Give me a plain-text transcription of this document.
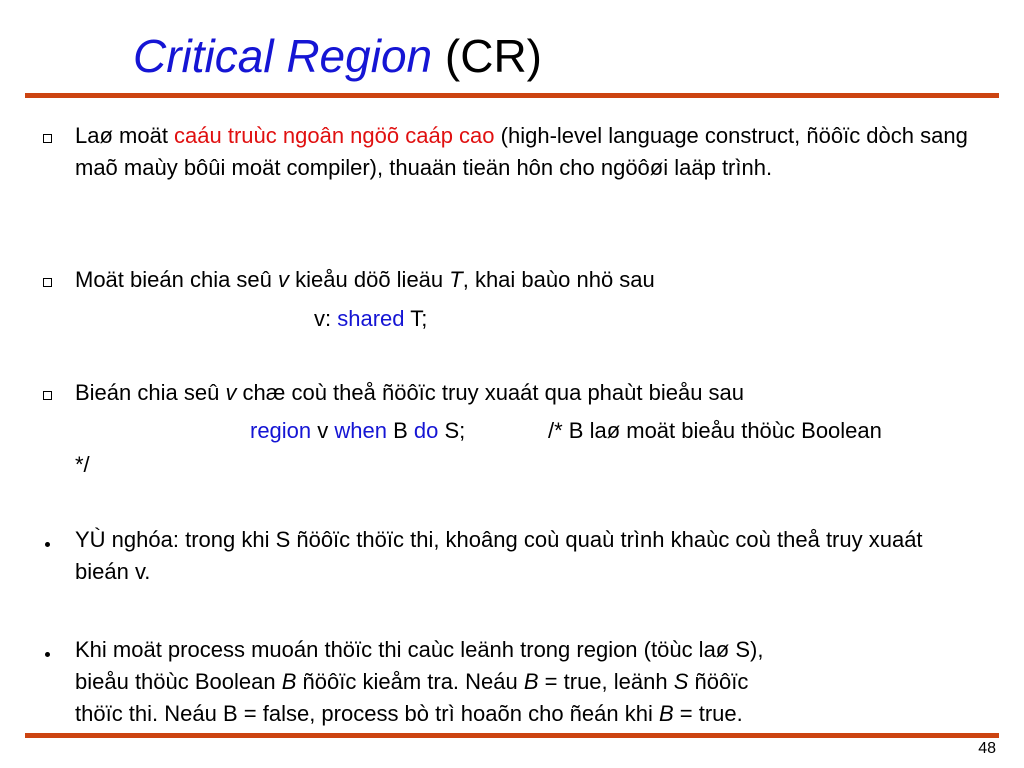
Critical Region (CR)
Laø moät caáu truùc ngoân ngöõ caáp cao (high-level language construct, ñöôïc dòch sang maõ maùy bôûi moät compiler), thuaän tieän hôn cho ngöôøi laäp trình.
Moät bieán chia seû v kieåu döõ lieäu T, khai baùo nhö sau
v: shared T;
Bieán chia seû v chæ coù theå ñöôïc truy xuaát qua phaùt bieåu sau
region v when B do S;	/* B laø moät bieåu thöùc Boolean
*/
YÙ nghóa: trong khi S ñöôïc thöïc thi, khoâng coù quaù trình khaùc coù theå truy xuaát bieán v.
Khi moät process muoán thöïc thi caùc leänh trong region (töùc laø S),
bieåu thöùc Boolean B ñöôïc kieåm tra. Neáu B = true, leänh S ñöôïc
thöïc thi. Neáu B = false, process bò trì hoaõn cho ñeán khi B = true.
48
